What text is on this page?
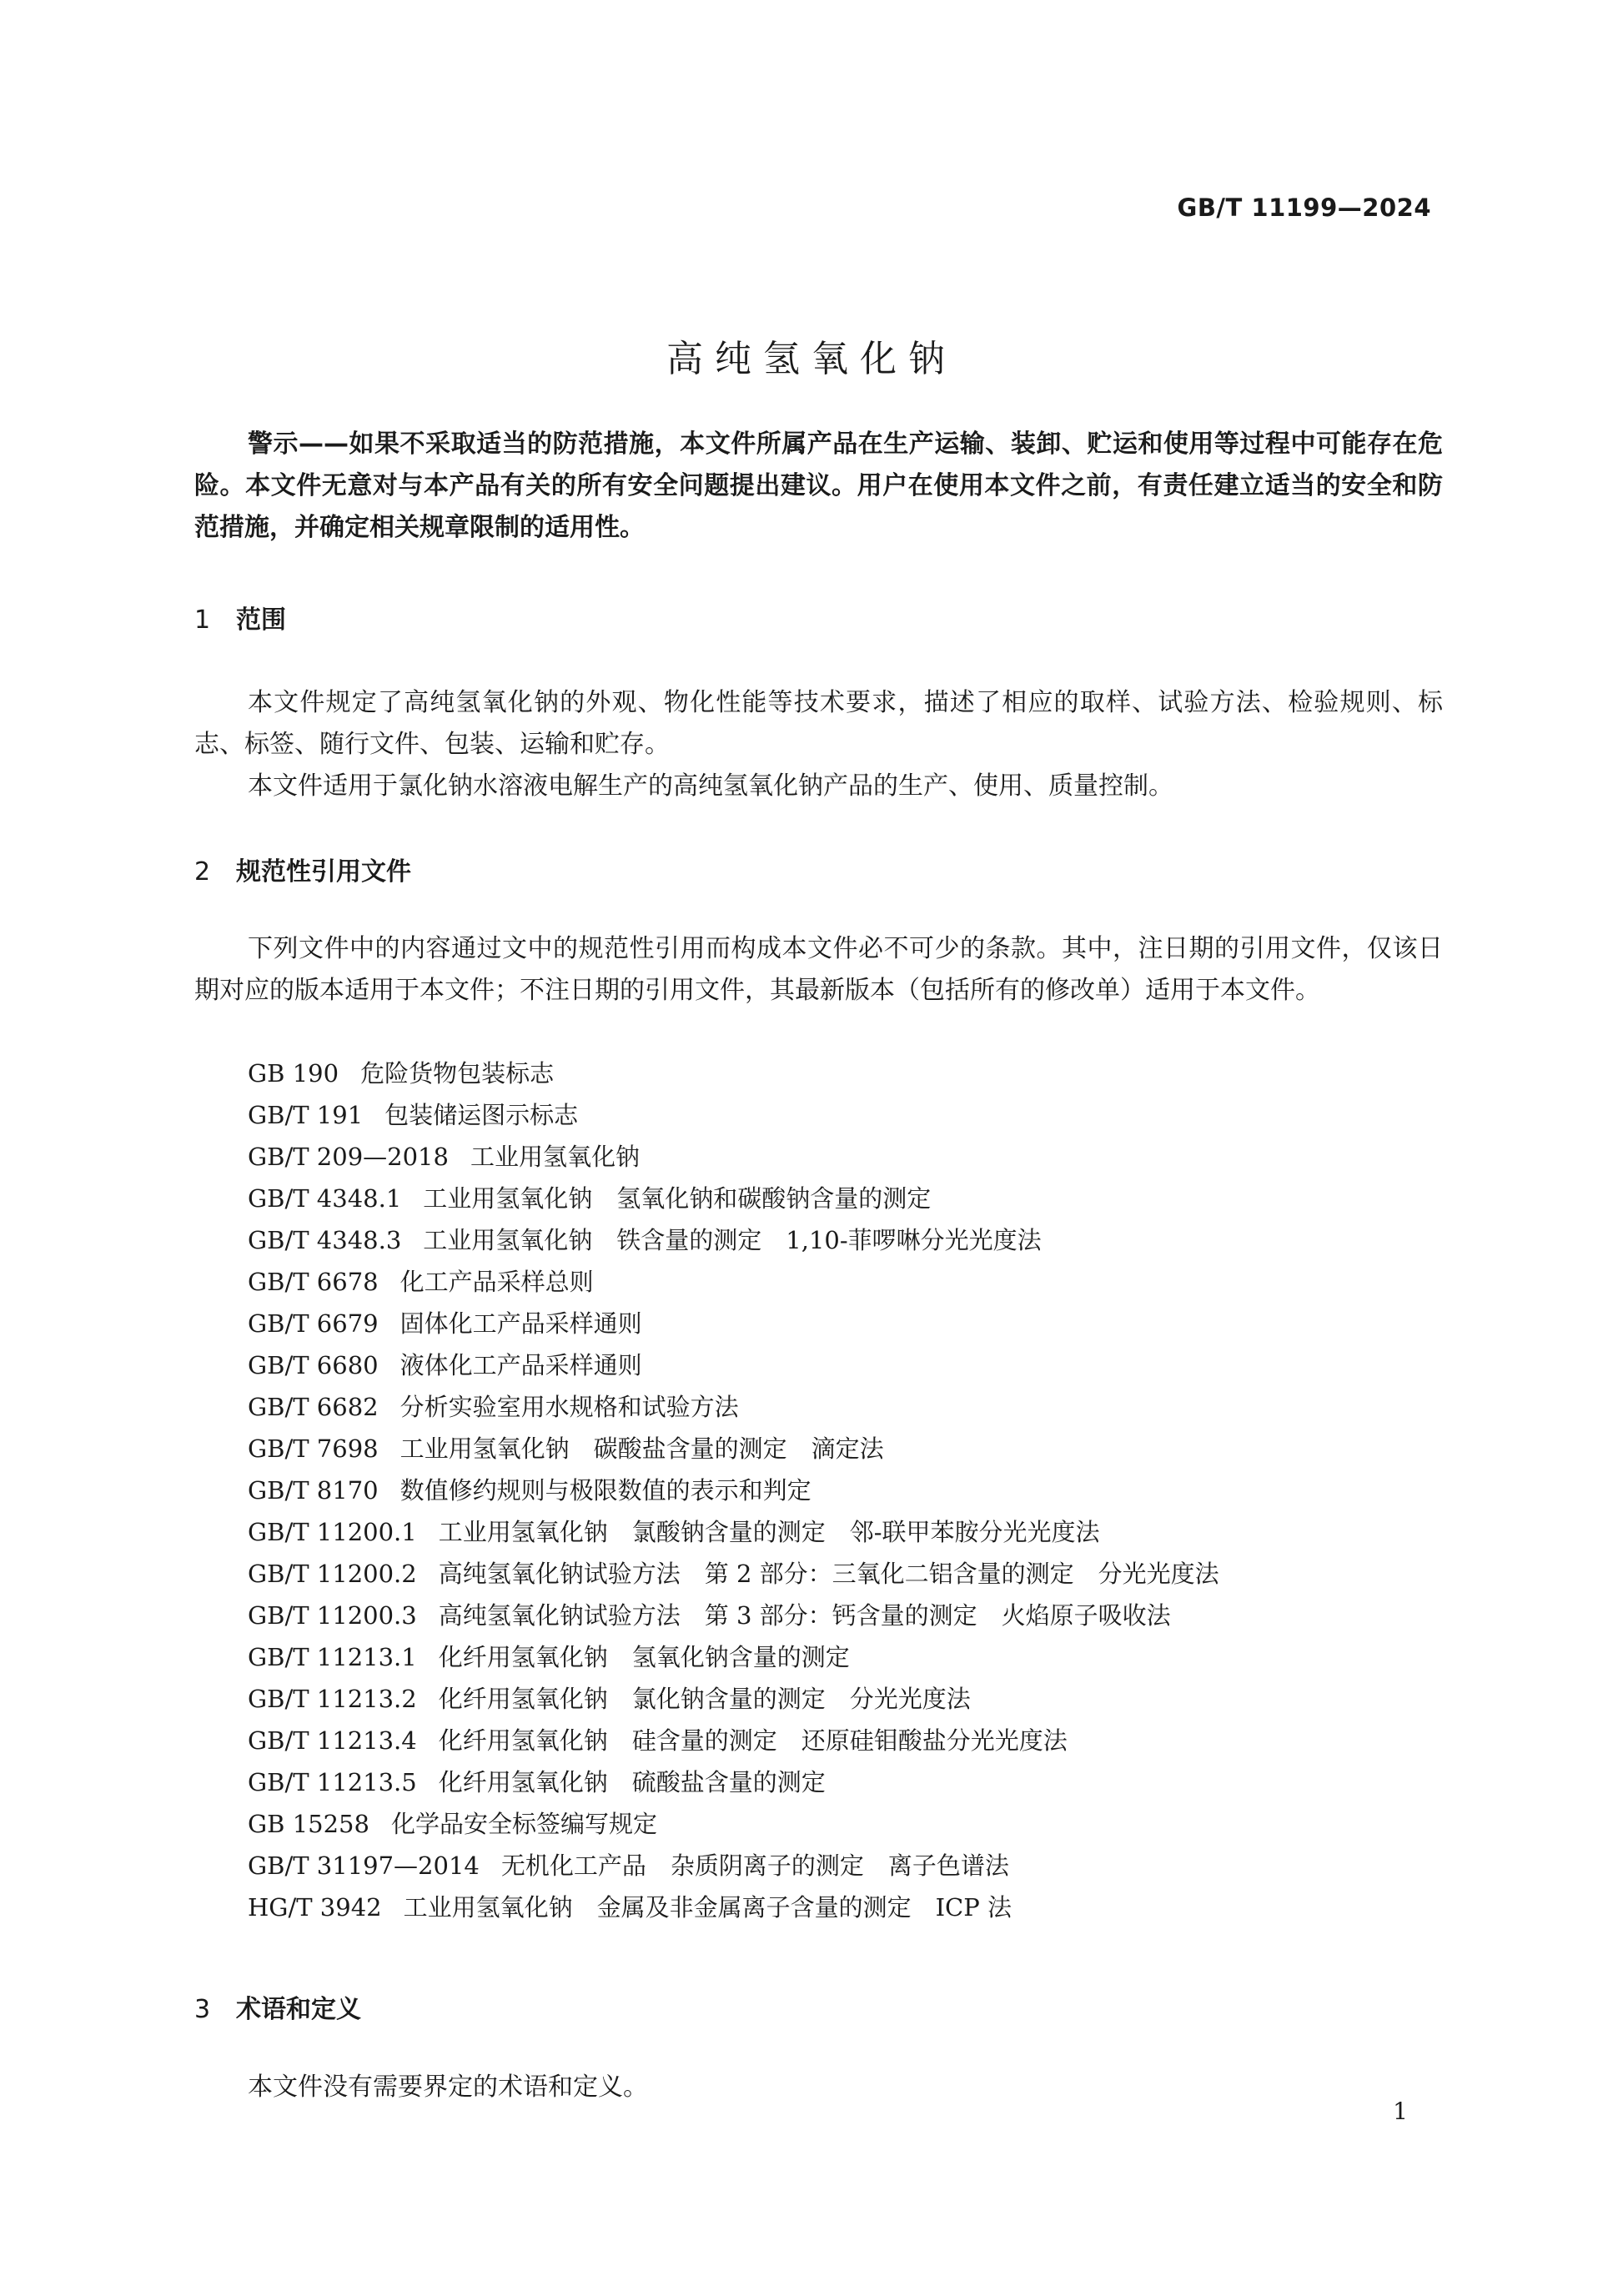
GB/T 11199—2024
高纯氢氧化钠
警示——如果不采取适当的防范措施，本文件所属产品在生产运输、装卸、贮运和使用等过程中可能存在危险。本文件无意对与本产品有关的所有安全问题提出建议。用户在使用本文件之前，有责任建立适当的安全和防范措施，并确定相关规章限制的适用性。
1 范围
本文件规定了高纯氢氧化钠的外观、物化性能等技术要求，描述了相应的取样、试验方法、检验规则、标志、标签、随行文件、包装、运输和贮存。
本文件适用于氯化钠水溶液电解生产的高纯氢氧化钠产品的生产、使用、质量控制。
2 规范性引用文件
下列文件中的内容通过文中的规范性引用而构成本文件必不可少的条款。其中，注日期的引用文件，仅该日期对应的版本适用于本文件；不注日期的引用文件，其最新版本（包括所有的修改单）适用于本文件。
GB 190 危险货物包装标志
GB/T 191 包装储运图示标志
GB/T 209—2018 工业用氢氧化钠
GB/T 4348.1 工业用氢氧化钠　氢氧化钠和碳酸钠含量的测定
GB/T 4348.3 工业用氢氧化钠　铁含量的测定　1,10-菲啰啉分光光度法
GB/T 6678 化工产品采样总则
GB/T 6679 固体化工产品采样通则
GB/T 6680 液体化工产品采样通则
GB/T 6682 分析实验室用水规格和试验方法
GB/T 7698 工业用氢氧化钠　碳酸盐含量的测定　滴定法
GB/T 8170 数值修约规则与极限数值的表示和判定
GB/T 11200.1 工业用氢氧化钠　氯酸钠含量的测定　邻-联甲苯胺分光光度法
GB/T 11200.2 高纯氢氧化钠试验方法　第 2 部分：三氧化二铝含量的测定　分光光度法
GB/T 11200.3 高纯氢氧化钠试验方法　第 3 部分：钙含量的测定　火焰原子吸收法
GB/T 11213.1 化纤用氢氧化钠　氢氧化钠含量的测定
GB/T 11213.2 化纤用氢氧化钠　氯化钠含量的测定　分光光度法
GB/T 11213.4 化纤用氢氧化钠　硅含量的测定　还原硅钼酸盐分光光度法
GB/T 11213.5 化纤用氢氧化钠　硫酸盐含量的测定
GB 15258 化学品安全标签编写规定
GB/T 31197—2014 无机化工产品　杂质阴离子的测定　离子色谱法
HG/T 3942 工业用氢氧化钠　金属及非金属离子含量的测定　ICP 法
3 术语和定义
本文件没有需要界定的术语和定义。
1
